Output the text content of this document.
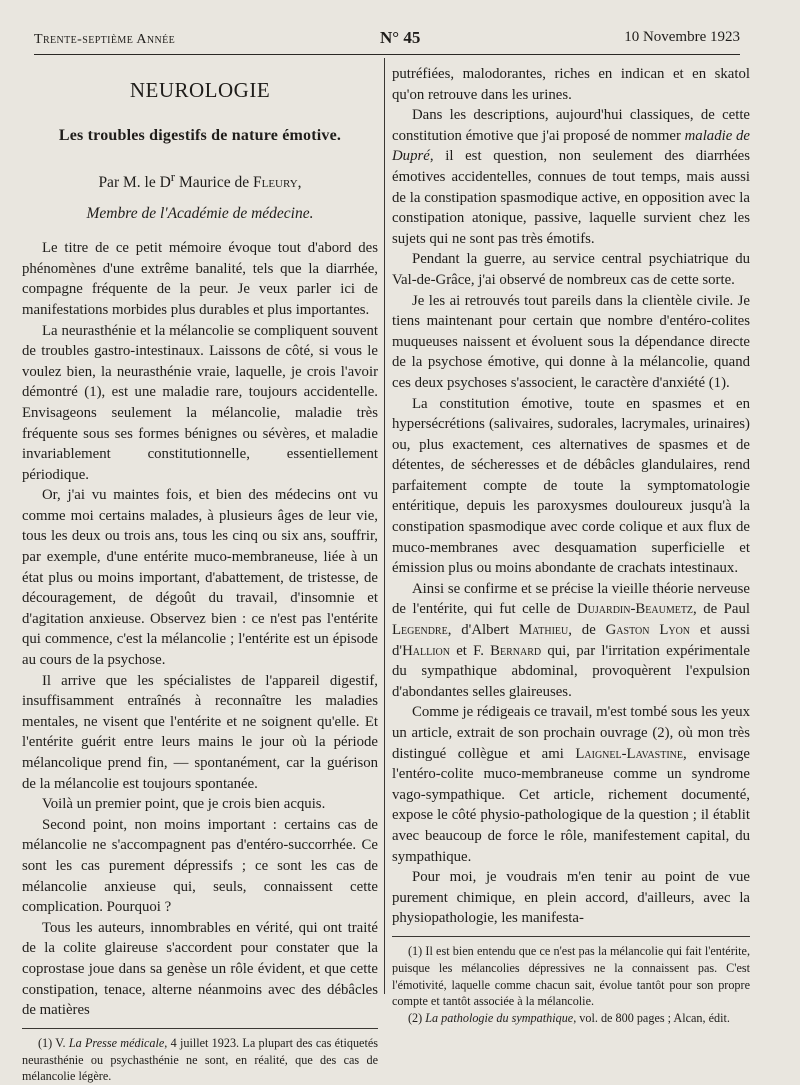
Trente-septième Année	N° 45	10 Novembre 1923
NEUROLOGIE
Les troubles digestifs de nature émotive.
Par M. le $D^r$ Maurice de Fleury,
Membre de l'Académie de médecine.

Le titre de ce petit mémoire évoque tout d'abord des phénomènes d'une extrême banalité, tels que la diarrhée, compagne fréquente de la peur. Je veux parler ici de manifestations morbides plus durables et plus importantes.

La neurasthénie et la mélancolie se compliquent souvent de troubles gastro-intestinaux. Laissons de côté, si vous le voulez bien, la neurasthénie vraie, laquelle, je crois l'avoir démontré (1), est une maladie rare, toujours accidentelle. Envisageons seulement la mélancolie, maladie très fréquente sous ses formes bénignes ou sévères, et maladie invariablement constitutionnelle, essentiellement périodique.

Or, j'ai vu maintes fois, et bien des médecins ont vu comme moi certains malades, à plusieurs âges de leur vie, tous les deux ou trois ans, tous les cinq ou six ans, souffrir, par exemple, d'une entérite muco-membraneuse, liée à un état plus ou moins important, d'abattement, de tristesse, de découragement, de dégoût du travail, d'insomnie et d'agitation anxieuse. Observez bien : ce n'est pas l'entérite qui commence, c'est la mélancolie ; l'entérite est un épisode au cours de la psychose.

Il arrive que les spécialistes de l'appareil digestif, insuffisamment entraînés à reconnaître les maladies mentales, ne visent que l'entérite et ne soignent qu'elle. Et l'entérite guérit entre leurs mains le jour où la période mélancolique prend fin, — spontanément, car la guérison de la mélancolie est toujours spontanée.

Voilà un premier point, que je crois bien acquis.

Second point, non moins important : certains cas de mélancolie ne s'accompagnent pas d'entéro-succorrhée. Ce sont les cas purement dépressifs ; ce sont les cas de mélancolie anxieuse qui, seuls, connaissent cette complication. Pourquoi ?

Tous les auteurs, innombrables en vérité, qui ont traité de la colite glaireuse s'accordent pour constater que la coprostase joue dans sa genèse un rôle évident, et que cette constipation, tenace, alterne néanmoins avec des débâcles de matières

(1) V. La Presse médicale, 4 juillet 1923. La plupart des cas étiquetés neurasthénie ou psychasthénie ne sont, en réalité, que des cas de mélancolie légère.

putréfiées, malodorantes, riches en indican et en skatol qu'on retrouve dans les urines.

Dans les descriptions, aujourd'hui classiques, de cette constitution émotive que j'ai proposé de nommer maladie de Dupré, il est question, non seulement des diarrhées émotives accidentelles, connues de tout temps, mais aussi de la constipation spasmodique active, en opposition avec la constipation atonique, passive, laquelle survient chez les sujets qui ne sont pas très émotifs.

Pendant la guerre, au service central psychiatrique du Val-de-Grâce, j'ai observé de nombreux cas de cette sorte.

Je les ai retrouvés tout pareils dans la clientèle civile. Je tiens maintenant pour certain que nombre d'entéro-colites muqueuses naissent et évoluent sous la dépendance directe de la psychose émotive, qui donne à la mélancolie, quand ces deux psychoses s'associent, le caractère d'anxiété (1).

La constitution émotive, toute en spasmes et en hypersécrétions (salivaires, sudorales, lacrymales, urinaires) ou, plus exactement, ces alternatives de spasmes et de détentes, de sécheresses et de débâcles glandulaires, rend parfaitement compte de toute la symptomatologie entéritique, depuis les paroxysmes douloureux jusqu'à la constipation spasmodique avec corde colique et aux flux de muco-membranes avec desquamation superficielle et émission plus ou moins abondante de crachats intestinaux.

Ainsi se confirme et se précise la vieille théorie nerveuse de l'entérite, qui fut celle de Dujardin-Beaumetz, de Paul Legendre, d'Albert Mathieu, de Gaston Lyon et aussi d'Hallion et F. Bernard qui, par l'irritation expérimentale du sympathique abdominal, provoquèrent l'expulsion d'abondantes selles glaireuses.

Comme je rédigeais ce travail, m'est tombé sous les yeux un article, extrait de son prochain ouvrage (2), où mon très distingué collègue et ami Laignel-Lavastine, envisage l'entéro-colite muco-membraneuse comme un syndrome vago-sympathique. Cet article, richement documenté, expose le côté physio-pathologique de la question ; il établit avec beaucoup de force le rôle, manifestement capital, du sympathique.

Pour moi, je voudrais m'en tenir au point de vue purement chimique, en plein accord, d'ailleurs, avec la physiopathologie, les manifesta-

(1) Il est bien entendu que ce n'est pas la mélancolie qui fait l'entérite, puisque les mélancolies dépressives ne la connaissent pas. C'est l'émotivité, laquelle comme chacun sait, évolue tantôt pour son propre compte et tantôt associée à la mélancolie.

(2) La pathologie du sympathique, vol. de 800 pages ; Alcan, édit.
